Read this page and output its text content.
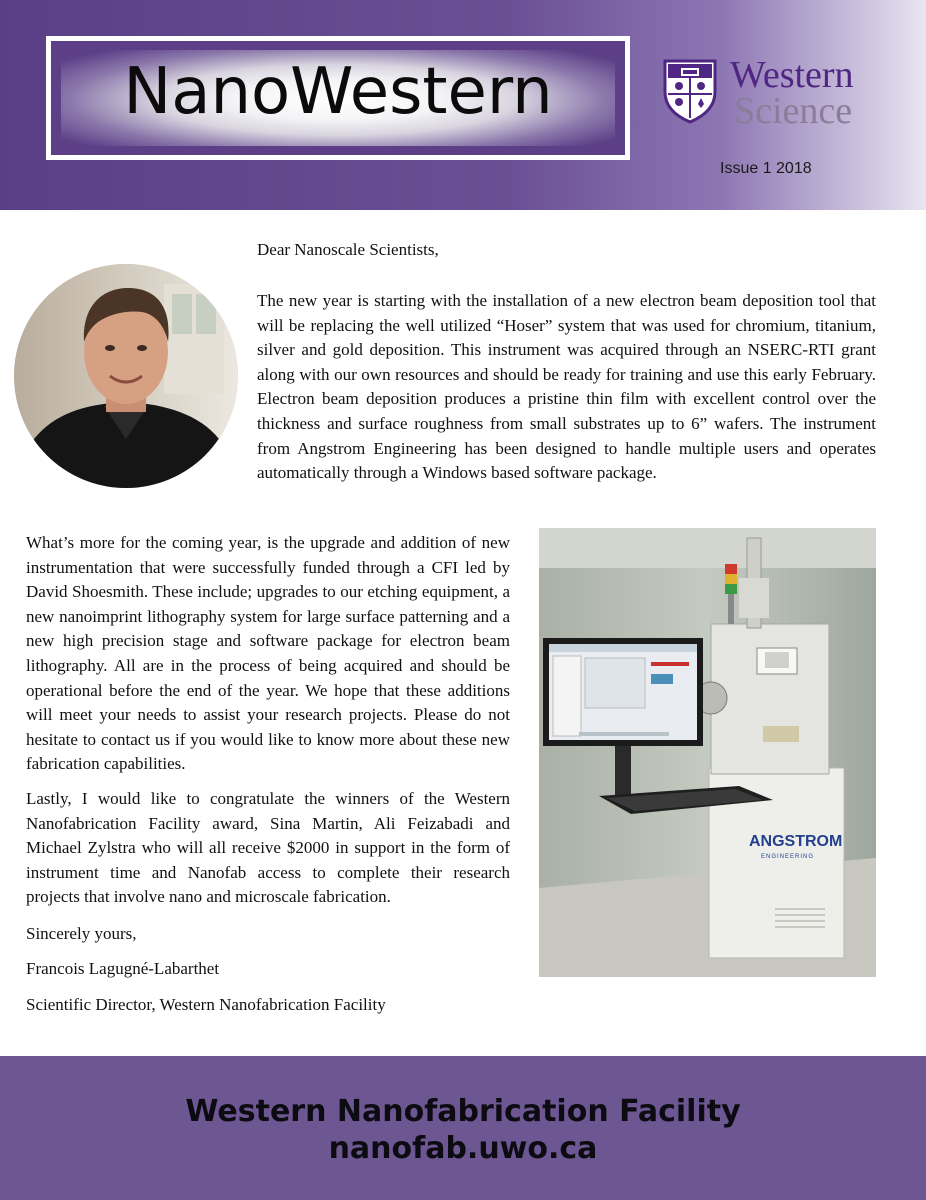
NanoWestern	Western
Science
Issue 1 2018
Dear Nanoscale Scientists,

The new year is starting with the installation of a new electron beam deposition tool that will be replacing the well utilized “Hoser” system that was used for chromium, titanium, silver and gold deposition. This instrument was acquired through an NSERC-RTI grant along with our own resources and should be ready for training and use this early February. Electron beam deposition produces a pristine thin film with excellent control over the thickness and surface roughness from small substrates up to 6” wafers. The instrument from Angstrom Engineering has been designed to handle multiple users and operates automatically through a Windows based software package.

What’s more for the coming year, is the upgrade and addition of new instrumentation that were successfully funded through a CFI led by David Shoesmith. These include; upgrades to our etching equipment, a new nanoimprint lithography system for large surface patterning and a new high precision stage and software package for electron beam lithography. All are in the process of being acquired and should be operational before the end of the year. We hope that these additions will meet your needs to assist your research projects. Please do not hesitate to contact us if you would like to know more about these new fabrication capabilities.

Lastly, I would like to congratulate the winners of the Western Nanofabrication Facility award, Sina Martin, Ali Feizabadi and Michael Zylstra who will all receive $2000 in support in the form of instrument time and Nanofab access to complete their research projects that involve nano and microscale fabrication.

Sincerely yours,
Francois Lagugné-Labarthet
Scientific Director, Western Nanofabrication Facility
ANGSTROM
ENGINEERING
Western Nanofabrication Facility
nanofab.uwo.ca
